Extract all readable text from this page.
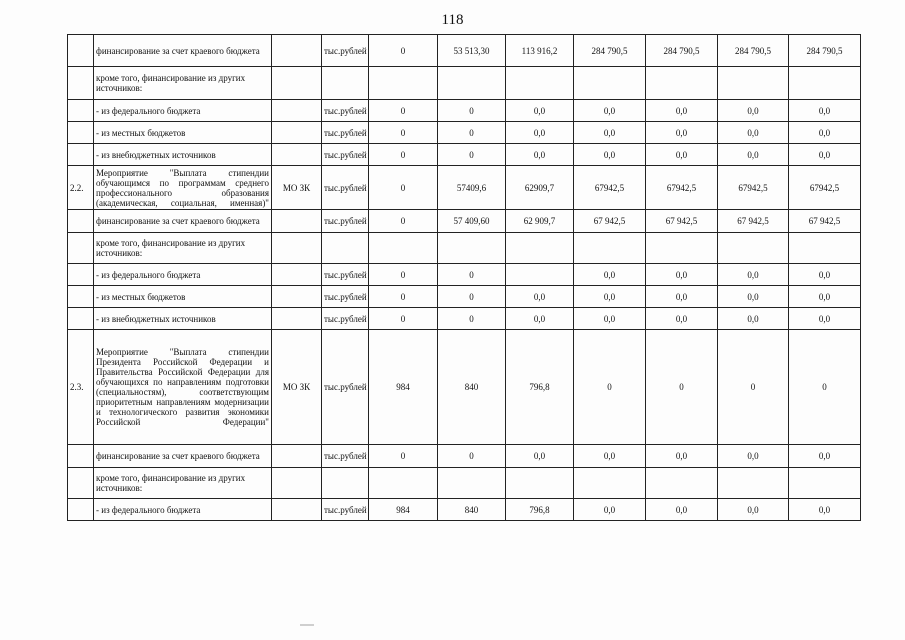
118
	финансирование за счет краевого бюджета		тыс.рублей	0	53 513,30	113 916,2	284 790,5	284 790,5	284 790,5	284 790,5
	кроме того, финансирование из других источников:									
	- из федерального бюджета		тыс.рублей	0	0	0,0	0,0	0,0	0,0	0,0
	- из местных бюджетов		тыс.рублей	0	0	0,0	0,0	0,0	0,0	0,0
	- из внебюджетных источников		тыс.рублей	0	0	0,0	0,0	0,0	0,0	0,0
2.2.	Мероприятие "Выплата стипендии обучающимся по программам среднего профессионального образования (академическая, социальная, именная)"	МО ЗК	тыс.рублей	0	57409,6	62909,7	67942,5	67942,5	67942,5	67942,5
	финансирование за счет краевого бюджета		тыс.рублей	0	57 409,60	62 909,7	67 942,5	67 942,5	67 942,5	67 942,5
	кроме того, финансирование из других источников:									
	- из федерального бюджета		тыс.рублей	0	0		0,0	0,0	0,0	0,0
	- из местных бюджетов		тыс.рублей	0	0	0,0	0,0	0,0	0,0	0,0
	- из внебюджетных источников		тыс.рублей	0	0	0,0	0,0	0,0	0,0	0,0
2.3.	Мероприятие "Выплата стипендии Президента Российской Федерации и Правительства Российской Федерации для обучающихся по направлениям подготовки (специальностям), соответствующим приоритетным направлениям модернизации и технологического развития экономики Российской Федерации"	МО ЗК	тыс.рублей	984	840	796,8	0	0	0	0
	финансирование за счет краевого бюджета		тыс.рублей	0	0	0,0	0,0	0,0	0,0	0,0
	кроме того, финансирование из других источников:									
	- из федерального бюджета		тыс.рублей	984	840	796,8	0,0	0,0	0,0	0,0
